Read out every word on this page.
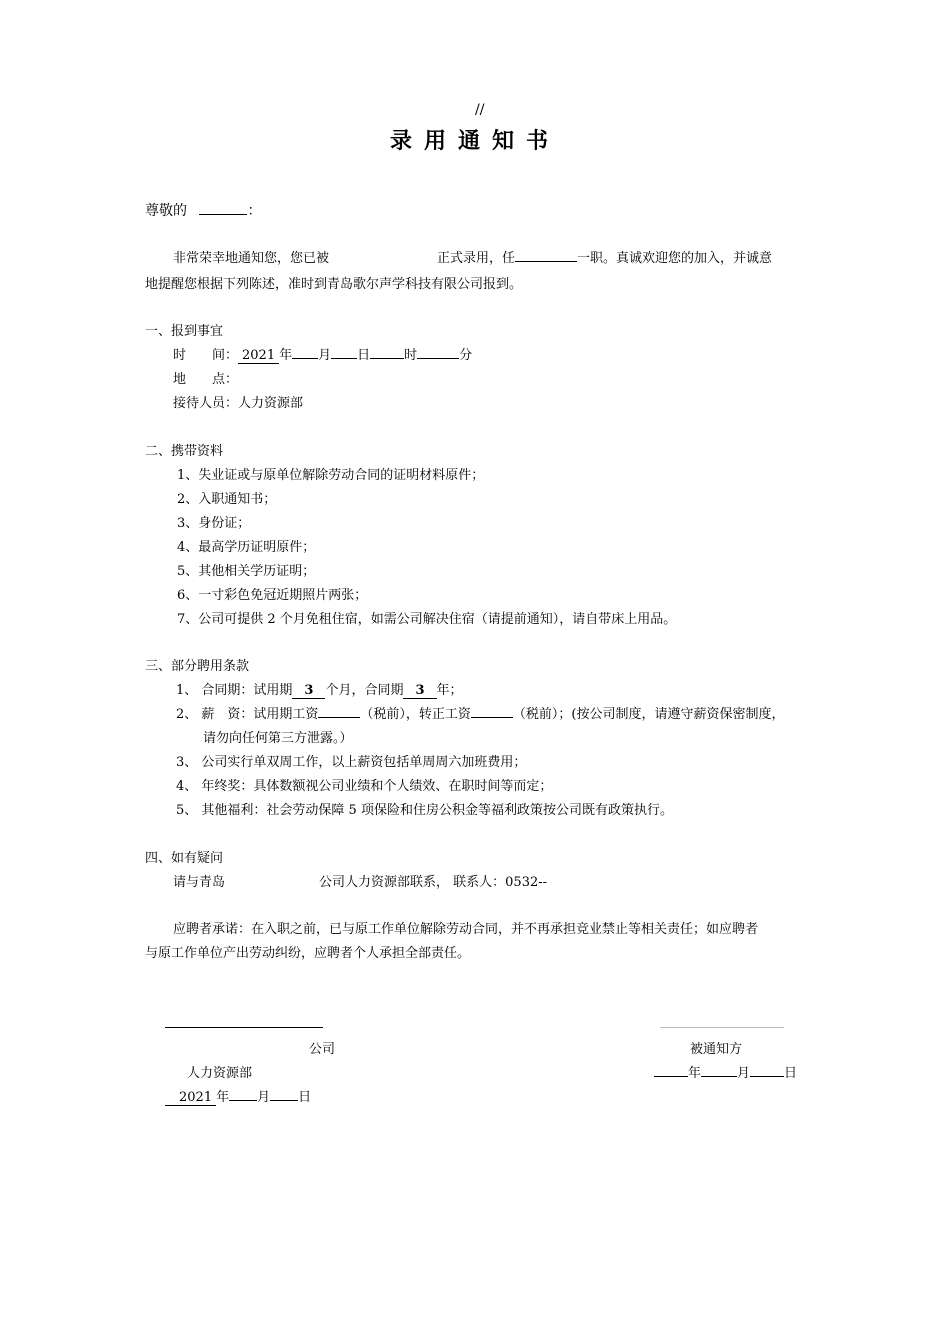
//
录用通知书
尊敬的	：
非常荣幸地通知您，您已被	正式录用，任	一职。真诚欢迎您的加入，并诚意
地提醒您根据下列陈述，准时到青岛歌尔声学科技有限公司报到。
一、报到事宜
时　　间： 2021 年 月 日	时	分
地　　点：
接待人员：人力资源部
二、携带资料
1、失业证或与原单位解除劳动合同的证明材料原件；
2、入职通知书；
3、身份证；
4、最高学历证明原件；
5、其他相关学历证明；
6、一寸彩色免冠近期照片两张；
7、公司可提供 2 个月免租住宿，如需公司解决住宿（请提前通知），请自带床上用品。
三、部分聘用条款
1、 合同期：试用期 3 个月，合同期 3 年；
2、 薪　资：试用期工资	（税前），转正工资	（税前）；(按公司制度，请遵守薪资保密制度，
请勿向任何第三方泄露。）
3、 公司实行单双周工作，以上薪资包括单周周六加班费用；
4、 年终奖：具体数额视公司业绩和个人绩效、在职时间等而定；
5、 其他福利：社会劳动保障 5 项保险和住房公积金等福利政策按公司既有政策执行。
四、如有疑问
请与青岛	公司人力资源部联系， 联系人：0532--
应聘者承诺：在入职之前，已与原工作单位解除劳动合同，并不再承担竞业禁止等相关责任；如应聘者
与原工作单位产出劳动纠纷，应聘者个人承担全部责任。
公司	被通知方
人力资源部	年	月	日
2021 年 月 日
